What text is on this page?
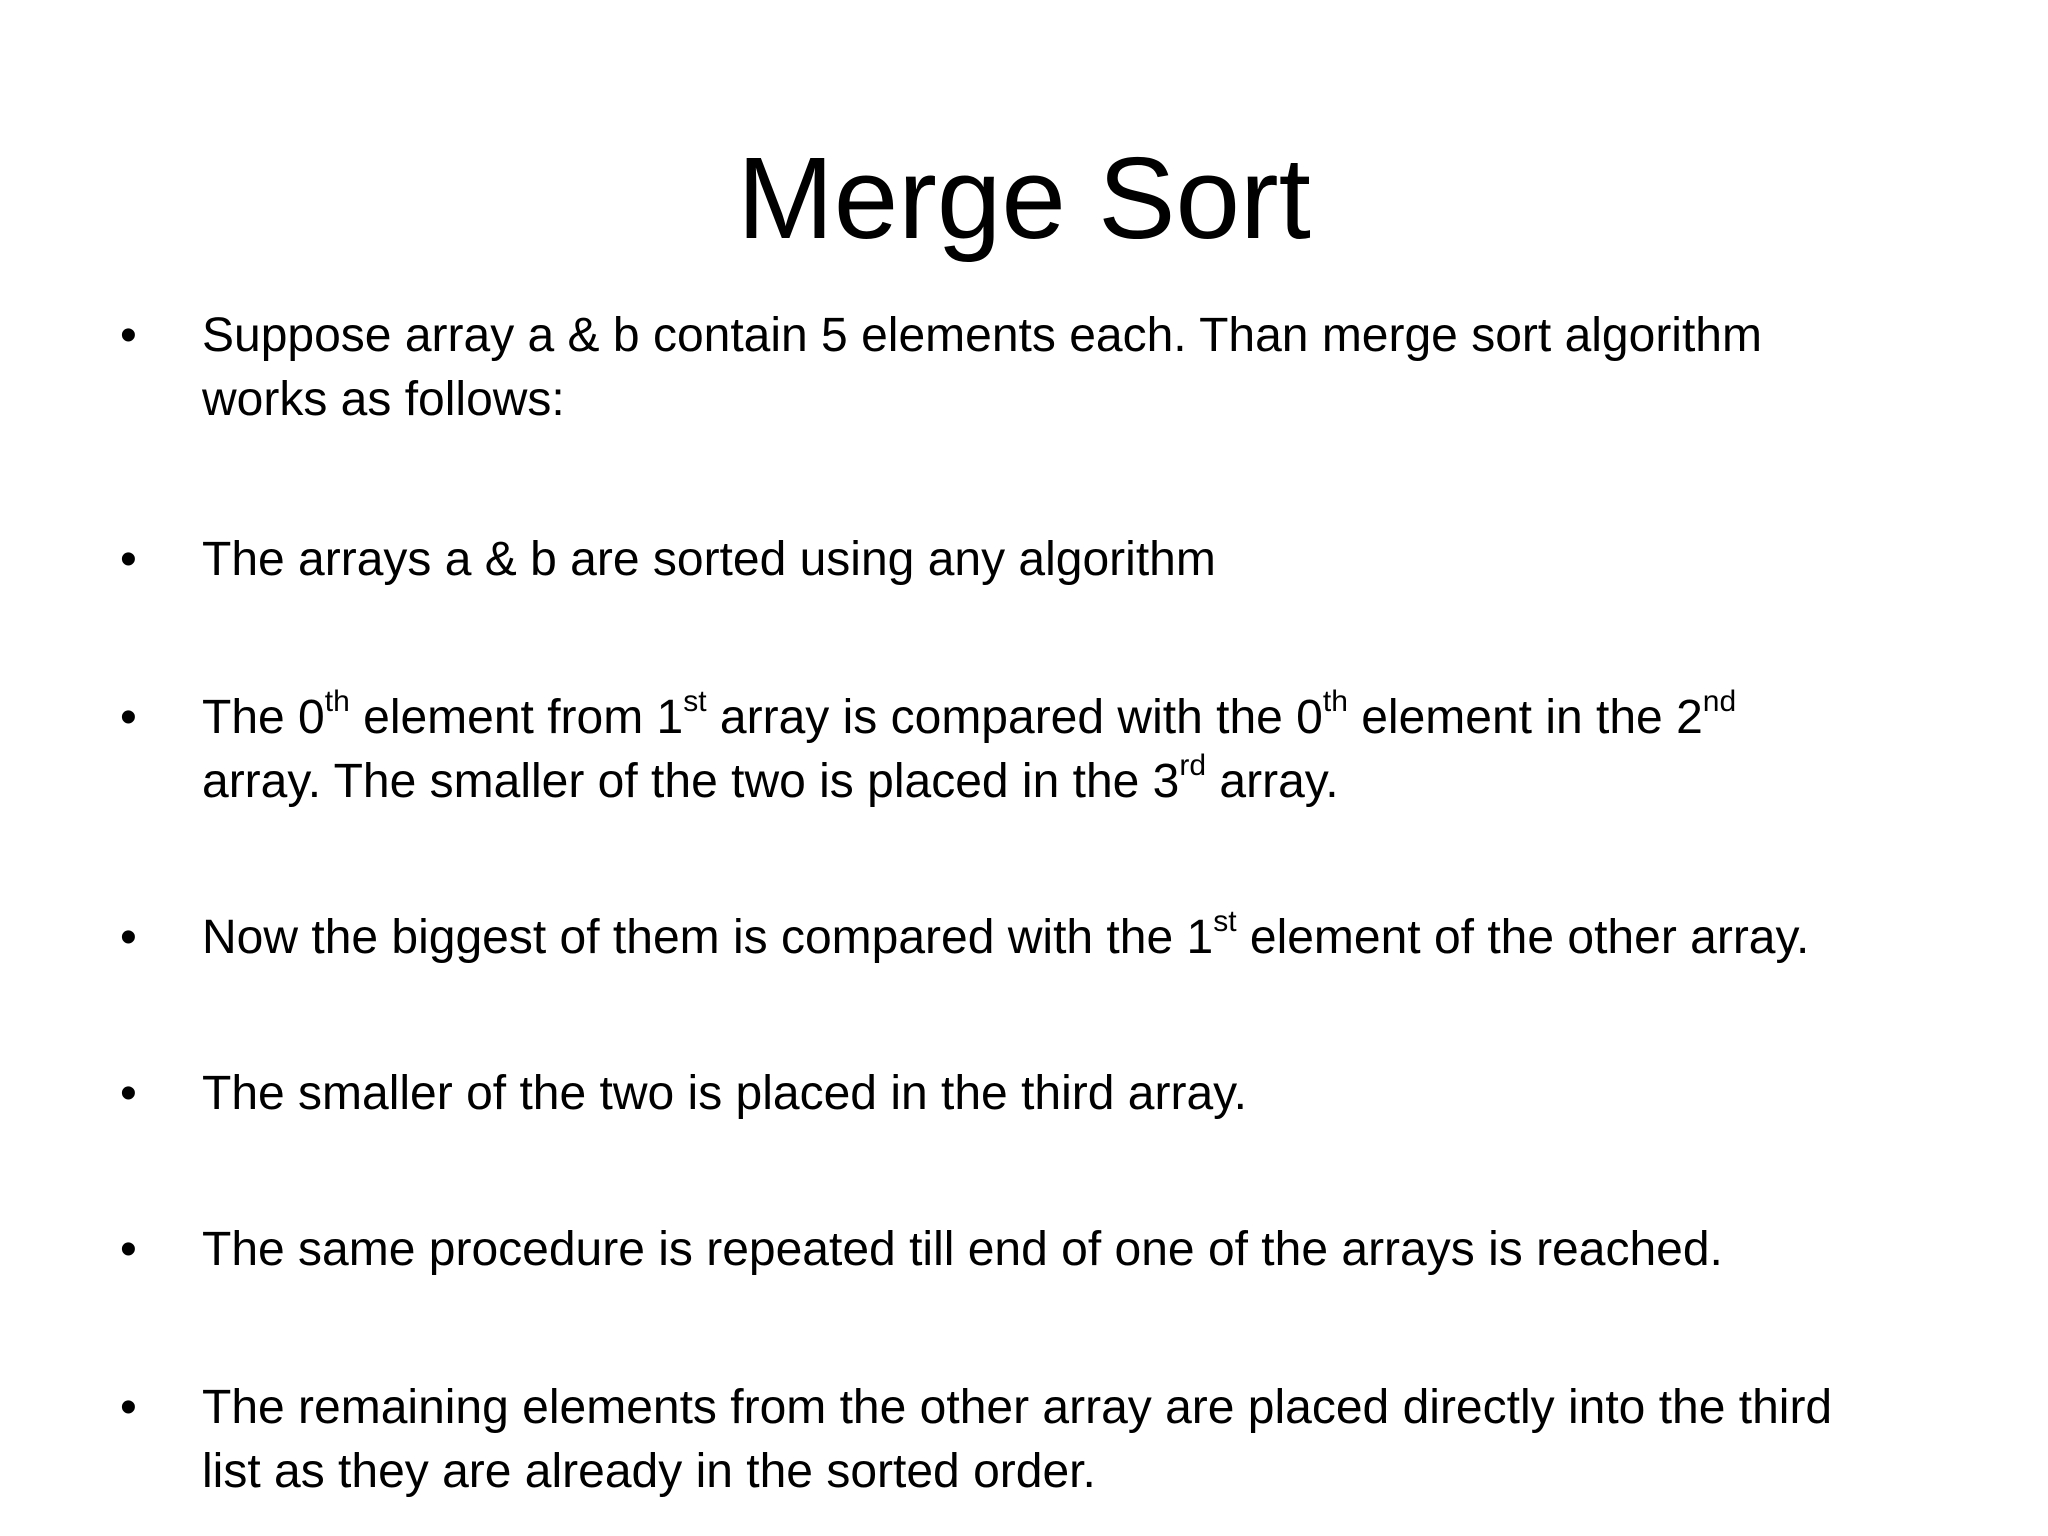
Merge Sort
• Suppose array a & b contain 5 elements each. Than merge sort algorithm
works as follows:
• The arrays a & b are sorted using any algorithm
• The 0th element from 1st array is compared with the 0th element in the 2nd
array. The smaller of the two is placed in the 3rd array.
• Now the biggest of them is compared with the 1st element of the other array.
• The smaller of the two is placed in the third array.
• The same procedure is repeated till end of one of the arrays is reached.
• The remaining elements from the other array are placed directly into the third
list as they are already in the sorted order.
